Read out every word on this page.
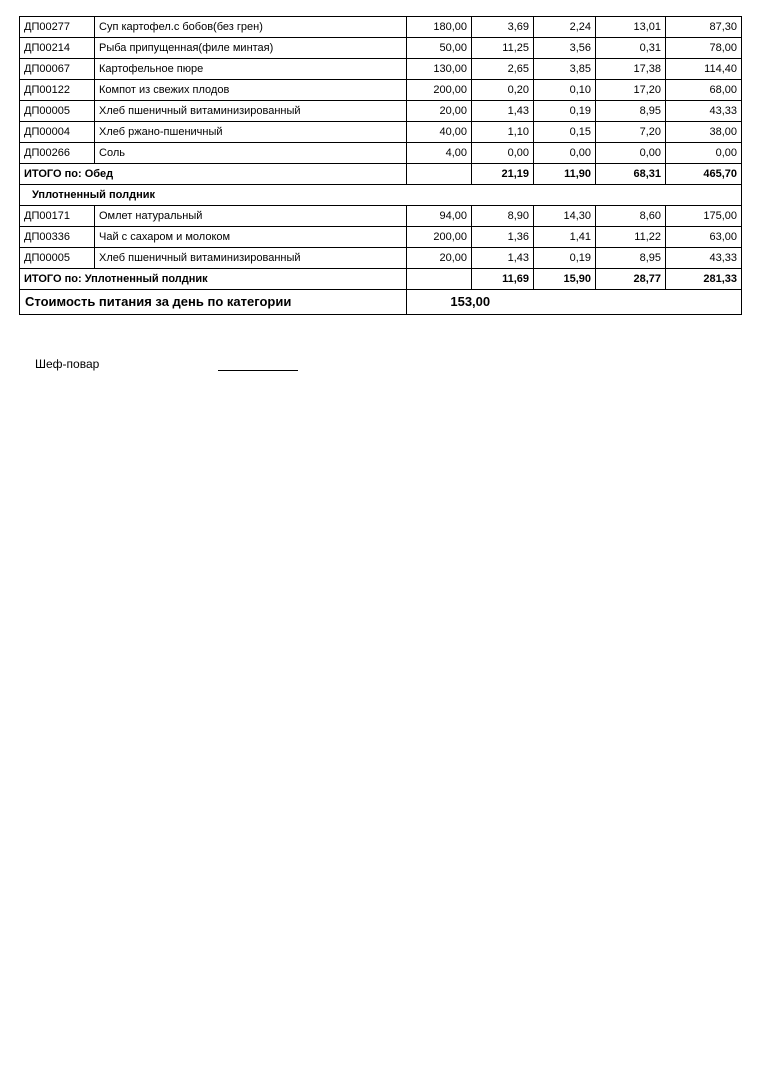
ДП00277	Суп картофел.с бобов(без грен)	180,00	3,69	2,24	13,01	87,30
ДП00214	Рыба припущенная(филе минтая)	50,00	11,25	3,56	0,31	78,00
ДП00067	Картофельное пюре	130,00	2,65	3,85	17,38	114,40
ДП00122	Компот из свежих плодов	200,00	0,20	0,10	17,20	68,00
ДП00005	Хлеб пшеничный витаминизированный	20,00	1,43	0,19	8,95	43,33
ДП00004	Хлеб ржано-пшеничный	40,00	1,10	0,15	7,20	38,00
ДП00266	Соль	4,00	0,00	0,00	0,00	0,00
ИТОГО по: Обед			21,19	11,90	68,31	465,70
Уплотненный полдник						
ДП00171	Омлет натуральный	94,00	8,90	14,30	8,60	175,00
ДП00336	Чай с сахаром и молоком	200,00	1,36	1,41	11,22	63,00
ДП00005	Хлеб пшеничный витаминизированный	20,00	1,43	0,19	8,95	43,33
ИТОГО по: Уплотненный полдник			11,69	15,90	28,77	281,33
Стоимость питания за день по категории		153,00				
Шеф-повар
